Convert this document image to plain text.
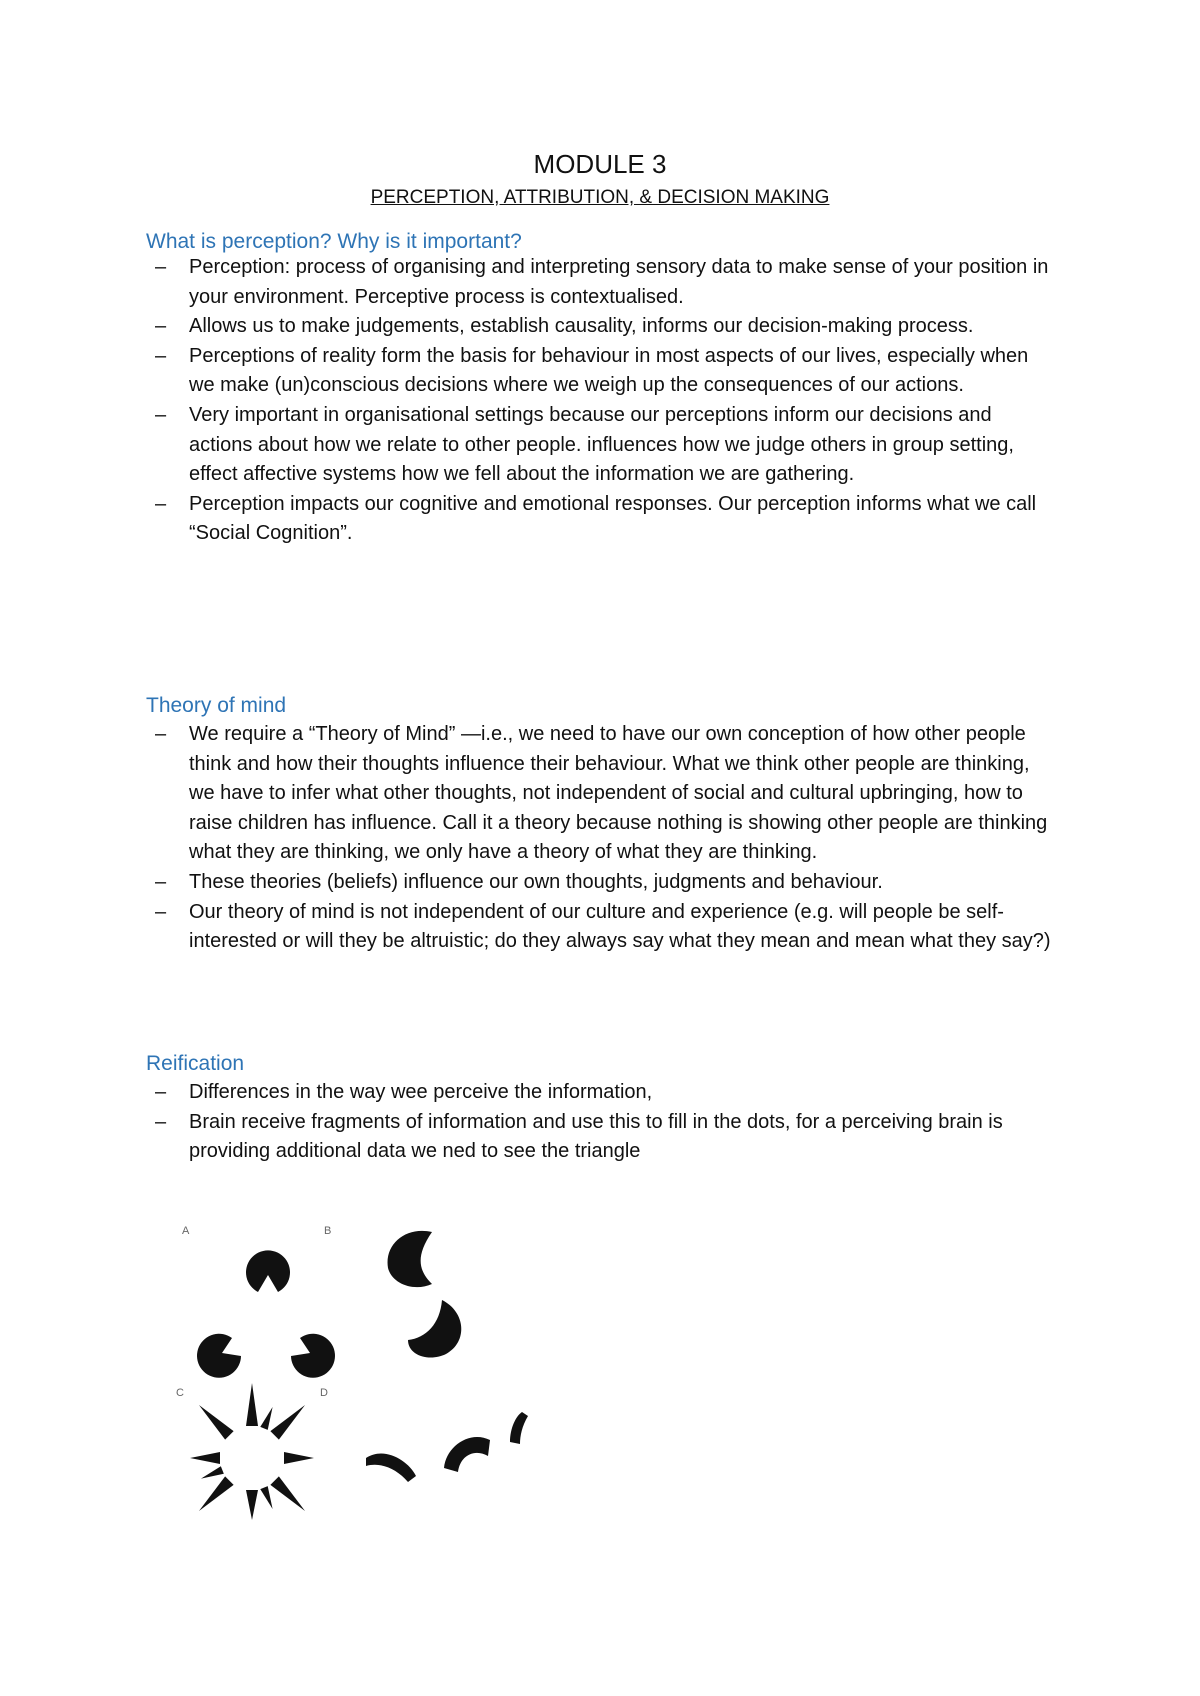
MODULE 3
PERCEPTION, ATTRIBUTION, & DECISION MAKING
What is perception? Why is it important?
– Perception: process of organising and interpreting sensory data to make sense of your position in your environment. Perceptive process is contextualised.
– Allows us to make judgements, establish causality, informs our decision-making process.
– Perceptions of reality form the basis for behaviour in most aspects of our lives, especially when we make (un)conscious decisions where we weigh up the consequences of our actions.
– Very important in organisational settings because our perceptions inform our decisions and actions about how we relate to other people. influences how we judge others in group setting, effect affective systems how we fell about the information we are gathering.
– Perception impacts our cognitive and emotional responses. Our perception informs what we call “Social Cognition”.
Theory of mind
– We require a “Theory of Mind” —i.e., we need to have our own conception of how other people think and how their thoughts influence their behaviour. What we think other people are thinking, we have to infer what other thoughts, not independent of social and cultural upbringing, how to raise children has influence. Call it a theory because nothing is showing other people are thinking what they are thinking, we only have a theory of what they are thinking.
– These theories (beliefs) influence our own thoughts, judgments and behaviour.
– Our theory of mind is not independent of our culture and experience (e.g. will people be self-interested or will they be altruistic; do they always say what they mean and mean what they say?)
Reification
– Differences in the way wee perceive the information,
– Brain receive fragments of information and use this to fill in the dots, for a perceiving brain is providing additional data we ned to see the triangle
A	B
C	D
